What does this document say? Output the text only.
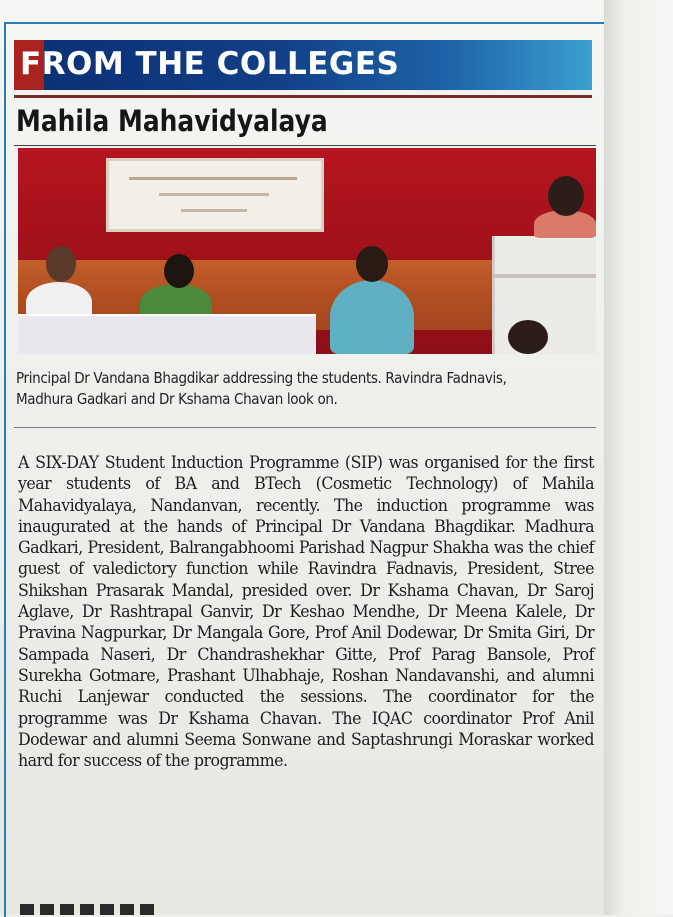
FROM THE COLLEGES
Mahila Mahavidyalaya
Principal Dr Vandana Bhagdikar addressing the students. Ravindra Fadnavis, Madhura Gadkari and Dr Kshama Chavan look on.
A SIX-DAY Student Induction Programme (SIP) was organised for the first year students of BA and BTech (Cosmetic Technology) of Mahila Mahavidyalaya, Nandanvan, recently. The induction programme was inaugurated at the hands of Principal Dr Vandana Bhagdikar. Madhura Gadkari, President, Balrangabhoomi Parishad Nagpur Shakha was the chief guest of valedictory function while Ravindra Fadnavis, President, Stree Shikshan Prasarak Mandal, presided over. Dr Kshama Chavan, Dr Saroj Aglave, Dr Rashtrapal Ganvir, Dr Keshao Mendhe, Dr Meena Kalele, Dr Pravina Nagpurkar, Dr Mangala Gore, Prof Anil Dodewar, Dr Smita Giri, Dr Sampada Naseri, Dr Chandrashekhar Gitte, Prof Parag Bansole, Prof Surekha Gotmare, Prashant Ulhabhaje, Roshan Nandavanshi, and alumni Ruchi Lanjewar conducted the sessions. The coordinator for the programme was Dr Kshama Chavan. The IQAC coordinator Prof Anil Dodewar and alumni Seema Sonwane and Saptashrungi Moraskar worked hard for success of the programme.
